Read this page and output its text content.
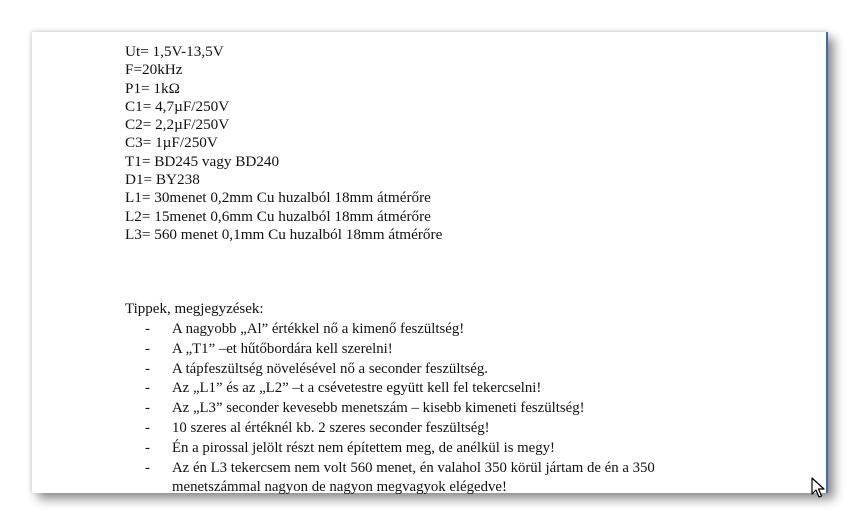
Ut= 1,5V-13,5V
F=20kHz
P1= 1kΩ
C1= 4,7µF/250V
C2= 2,2µF/250V
C3= 1µF/250V
T1= BD245 vagy BD240
D1= BY238
L1= 30menet 0,2mm Cu huzalból 18mm átmérőre
L2= 15menet 0,6mm Cu huzalból 18mm átmérőre
L3= 560 menet 0,1mm Cu huzalból 18mm átmérőre
Tippek, megjegyzések:
- A nagyobb „Al” értékkel nő a kimenő feszültség!
- A „T1” –et hűtőbordára kell szerelni!
- A tápfeszültség növelésével nő a seconder feszültség.
- Az „L1” és az „L2” –t a csévetestre együtt kell fel tekercselni!
- Az „L3” seconder kevesebb menetszám – kisebb kimeneti feszültség!
- 10 szeres al értéknél kb. 2 szeres seconder feszültség!
- Én a pirossal jelölt részt nem építettem meg, de anélkül is megy!
- Az én L3 tekercsem nem volt 560 menet, én valahol 350 körül jártam de én a 350 menetszámmal nagyon de nagyon megvagyok elégedve!
